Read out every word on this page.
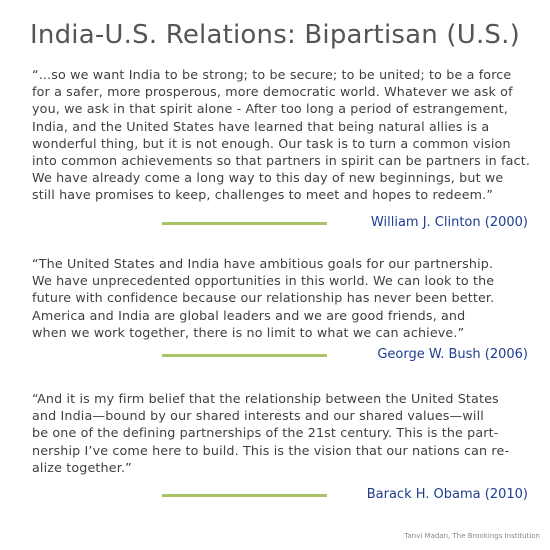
India-U.S. Relations: Bipartisan (U.S.)
“...so we want India to be strong; to be secure; to be united; to be a force
for a safer, more prosperous, more democratic world. Whatever we ask of
you, we ask in that spirit alone - After too long a period of estrangement,
India, and the United States have learned that being natural allies is a
wonderful thing, but it is not enough. Our task is to turn a common vision
into common achievements so that partners in spirit can be partners in fact.
We have already come a long way to this day of new beginnings, but we
still have promises to keep, challenges to meet and hopes to redeem.”
William J. Clinton (2000)
“The United States and India have ambitious goals for our partnership.
We have unprecedented opportunities in this world. We can look to the
future with confidence because our relationship has never been better.
America and India are global leaders and we are good friends, and
when we work together, there is no limit to what we can achieve.”
George W. Bush (2006)
“And it is my firm belief that the relationship between the United States
and India—bound by our shared interests and our shared values—will
be one of the defining partnerships of the 21st century. This is the part-
nership I’ve come here to build. This is the vision that our nations can re-
alize together.”
Barack H. Obama (2010)
Tanvi Madan, The Brookings Institution
